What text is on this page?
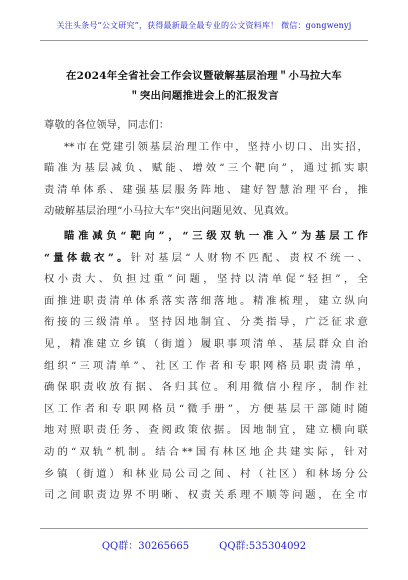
关注头条号“公文研究”，获得最新最全最专业的公文资料库！ 微信：gongwenyj
在2024年全省社会工作会议暨破解基层治理＂小马拉大车
＂突出问题推进会上的汇报发言
尊敬的各位领导，同志们：
**市在党建引领基层治理工作中，坚持小切口、出实招，
瞄准为基层减负、赋能、增效“三个靶向”，通过抓实职
责清单体系、建强基层服务阵地、建好智慧治理平台，推
动破解基层治理“小马拉大车”突出问题见效、见真效。
瞄准减负“靶向”，“三级双轨一准入”为基层工作
“量体裁衣”。针对基层“人财物不匹配、责权不统一、
权小责大、负担过重”问题，坚持以清单促“轻担”，全
面推进职责清单体系落实落细落地。精准梳理，建立纵向
衔接的三级清单。坚持因地制宜、分类指导，广泛征求意
见，精准建立乡镇（街道）履职事项清单、基层群众自治
组织“三项清单”、社区工作者和专职网格员职责清单，
确保职责收放有据、各归其位。利用微信小程序，制作社
区工作者和专职网格员“微手册”，方便基层干部随时随
地对照职责任务、查阅政策依据。因地制宜，建立横向联
动的“双轨”机制。结合**国有林区地企共建实际，针对
乡镇（街道）和林业局公司之间、村（社区）和林场分公
司之间职责边界不明晰、权责关系理不顺等问题，在全市
QQ群：30265665	QQ群:535304092
